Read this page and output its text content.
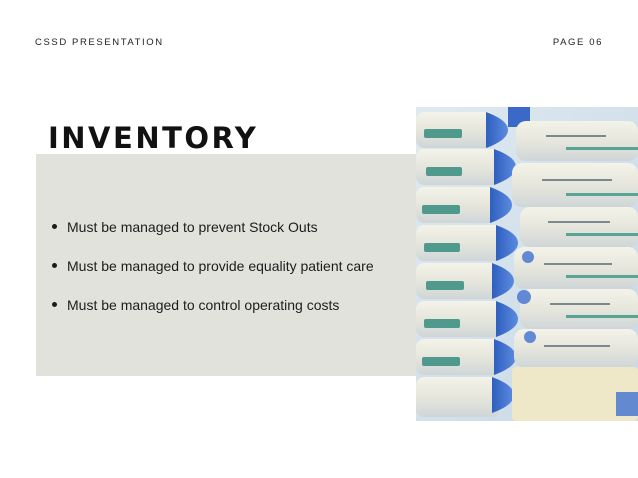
CSSD PRESENTATION	PAGE 06
INVENTORY
Must be managed to prevent Stock Outs
Must be managed to provide equality patient care
Must be managed to control operating costs
